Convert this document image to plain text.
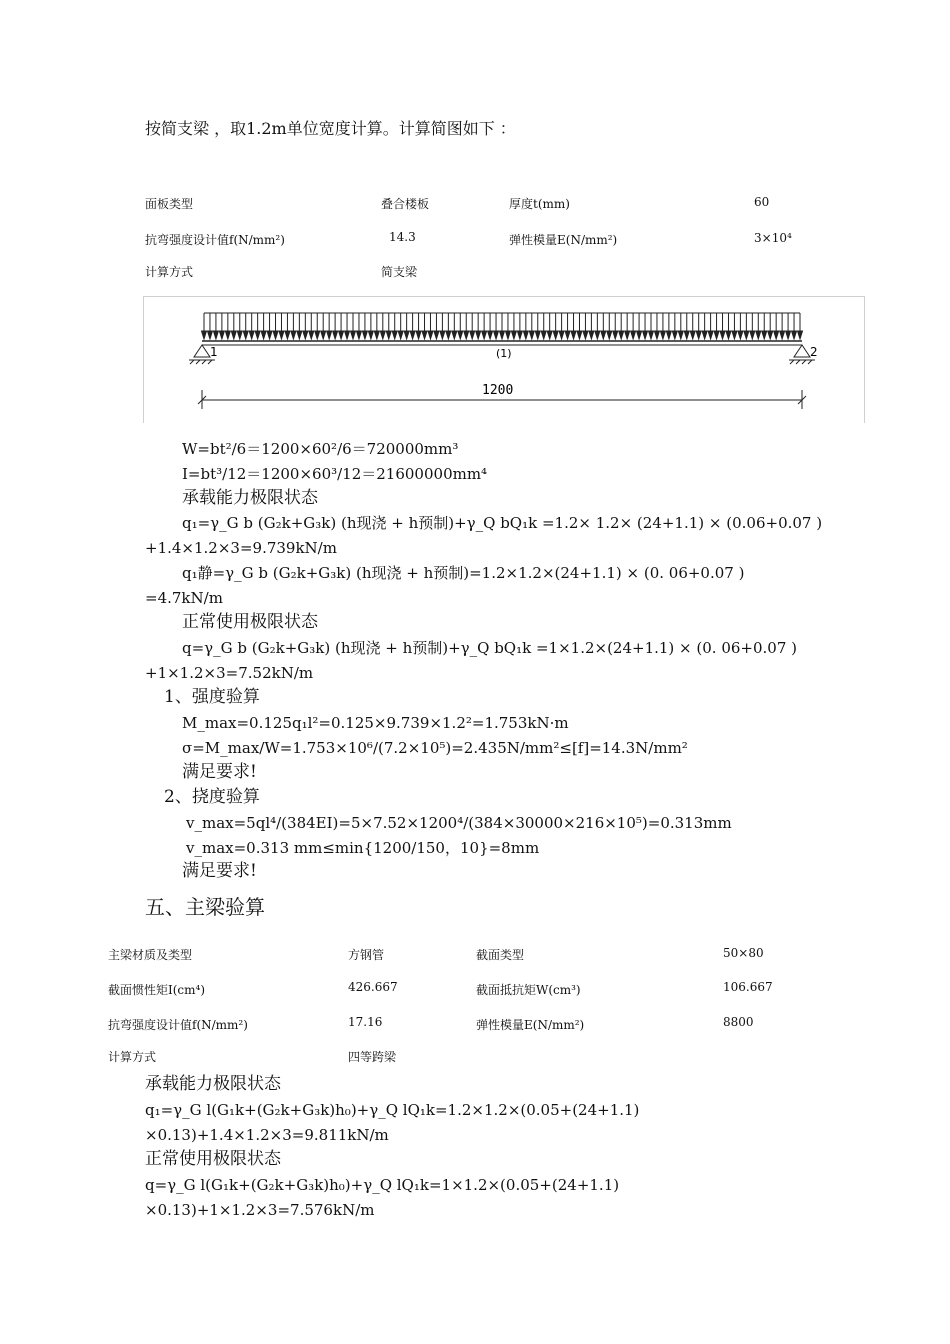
按简支梁 ，取1.2m单位宽度计算。计算简图如下 ：
面板类型	叠合楼板	厚度t(mm)	60
抗弯强度设计值f(N/mm²)	14.3	弹性模量E(N/mm²)	3×10⁴
计算方式	简支梁
1	2
(1)
1200
W=bt²/6＝1200×60²/6＝720000mm³
I=bt³/12＝1200×60³/12＝21600000mm⁴
承载能力极限状态
q₁=γ_G b (G₂k+G₃k) (h现浇 + h预制)+γ_Q bQ₁k =1.2× 1.2× (24+1.1) × (0.06+0.07 )
+1.4×1.2×3=9.739kN/m
q₁静=γ_G b (G₂k+G₃k) (h现浇 + h预制)=1.2×1.2×(24+1.1) × (0. 06+0.07 )
=4.7kN/m
正常使用极限状态
q=γ_G b (G₂k+G₃k) (h现浇 + h预制)+γ_Q bQ₁k =1×1.2×(24+1.1) × (0. 06+0.07 )
+1×1.2×3=7.52kN/m
1、强度验算
M_max=0.125q₁l²=0.125×9.739×1.2²=1.753kN·m
σ=M_max/W=1.753×10⁶/(7.2×10⁵)=2.435N/mm²≤[f]=14.3N/mm²
满足要求!
2、挠度验算
v_max=5ql⁴/(384EI)=5×7.52×1200⁴/(384×30000×216×10⁵)=0.313mm
v_max=0.313 mm≤min{1200/150，10}=8mm
满足要求!
五、主梁验算
主梁材质及类型	方钢管	截面类型	50×80
截面惯性矩I(cm⁴)	426.667	截面抵抗矩W(cm³)	106.667
抗弯强度设计值f(N/mm²)	17.16	弹性模量E(N/mm²)	8800
计算方式	四等跨梁
承载能力极限状态
q₁=γ_G l(G₁k+(G₂k+G₃k)h₀)+γ_Q lQ₁k=1.2×1.2×(0.05+(24+1.1)
×0.13)+1.4×1.2×3=9.811kN/m
正常使用极限状态
q=γ_G l(G₁k+(G₂k+G₃k)h₀)+γ_Q lQ₁k=1×1.2×(0.05+(24+1.1)
×0.13)+1×1.2×3=7.576kN/m
